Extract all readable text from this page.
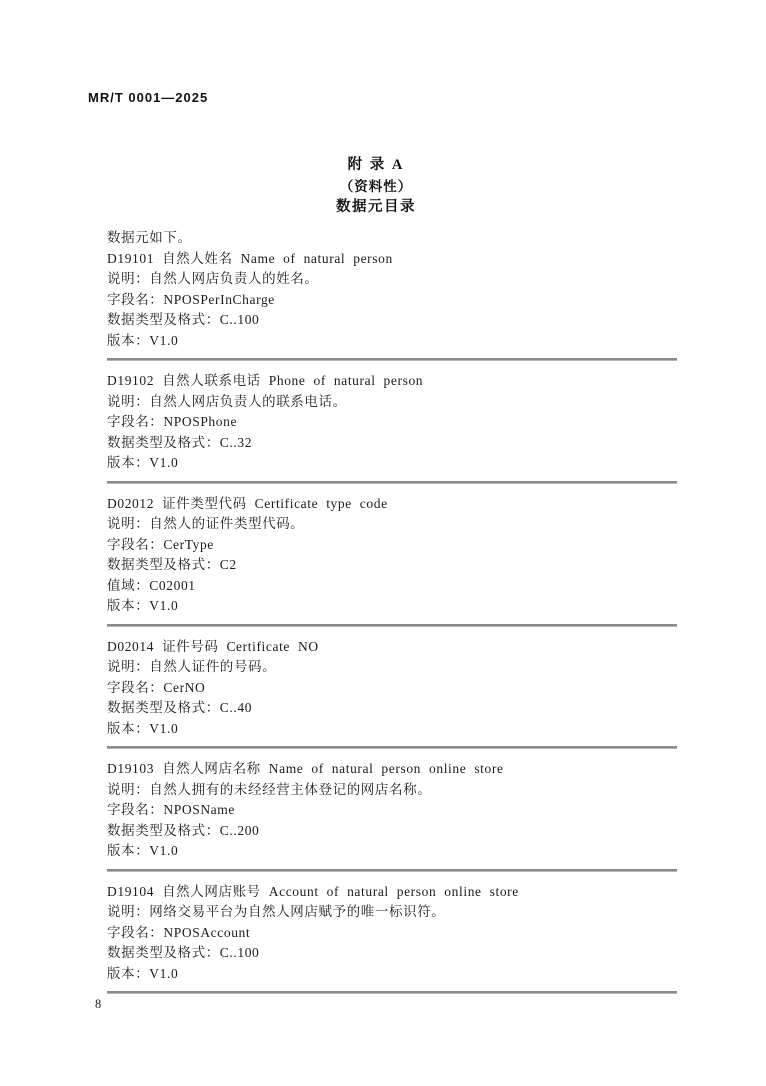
MR/T 0001—2025
附 录 A
（资料性）
数据元目录
数据元如下。
D19101 自然人姓名 Name of natural person
说明：自然人网店负责人的姓名。
字段名：NPOSPerInCharge
数据类型及格式：C..100
版本：V1.0
D19102 自然人联系电话 Phone of natural person
说明：自然人网店负责人的联系电话。
字段名：NPOSPhone
数据类型及格式：C..32
版本：V1.0
D02012 证件类型代码 Certificate type code
说明：自然人的证件类型代码。
字段名：CerType
数据类型及格式：C2
值域：C02001
版本：V1.0
D02014 证件号码 Certificate NO
说明：自然人证件的号码。
字段名：CerNO
数据类型及格式：C..40
版本：V1.0
D19103 自然人网店名称 Name of natural person online store
说明：自然人拥有的未经经营主体登记的网店名称。
字段名：NPOSName
数据类型及格式：C..200
版本：V1.0
D19104 自然人网店账号 Account of natural person online store
说明：网络交易平台为自然人网店赋予的唯一标识符。
字段名：NPOSAccount
数据类型及格式：C..100
版本：V1.0
8
